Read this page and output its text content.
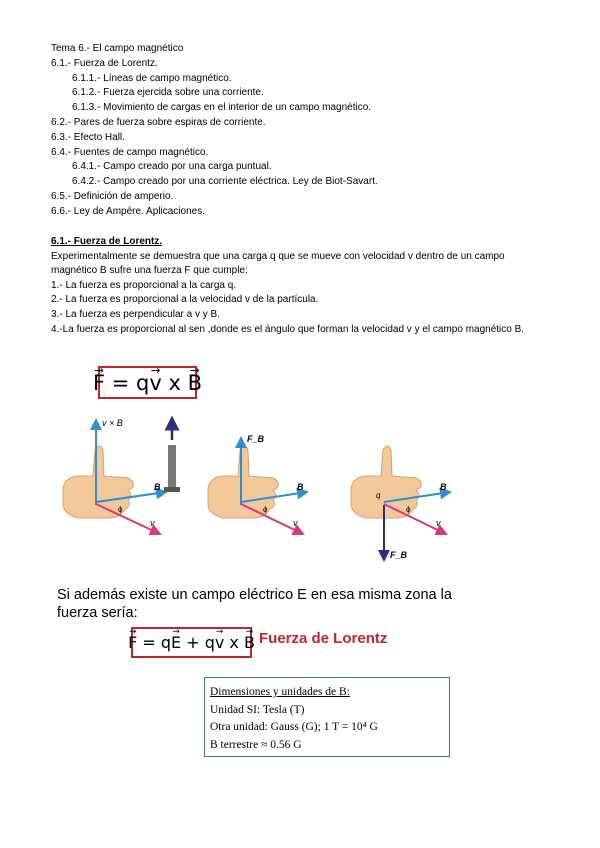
Tema 6.- El campo magnético
6.1.- Fuerza de Lorentz.
6.1.1.- Líneas de campo magnético.
6.1.2.- Fuerza ejercida sobre una corriente.
6.1.3.- Movimiento de cargas en el interior de un campo magnético.
6.2.- Pares de fuerza sobre espiras de corriente.
6.3.- Efecto Hall.
6.4.- Fuentes de campo magnético.
6.4.1.- Campo creado por una carga puntual.
6.4.2.- Campo creado por una corriente eléctrica. Ley de Biot-Savart.
6.5.- Definición de amperio.
6.6.- Ley de Ampère. Aplicaciones.
6.1.- Fuerza de Lorentz.
Experimentalmente se demuestra que una carga q que se mueve con velocidad v dentro de un campo magnético B sufre una fuerza F que cumple:
1.- La fuerza es proporcional a la carga q.
2.- La fuerza es proporcional a la velocidad v de la partícula.
3.- La fuerza es perpendicular a v y B.
4.-La fuerza es proporcional al sen ,donde es el ángulo que forman la velocidad v y el campo magnético B.
→ F = q → v x → B
v × B
B
v
ϕ
F_B
B
v
ϕ
F_B
B
v
q
ϕ
Si además existe un campo eléctrico E en esa misma zona la fuerza sería:
→ F = q → E + q → v x → B Fuerza de Lorentz
Dimensiones y unidades de B:
Unidad SI: Tesla (T)
Otra unidad: Gauss (G); 1 T = 10⁴ G
B terrestre ≈ 0.56 G
